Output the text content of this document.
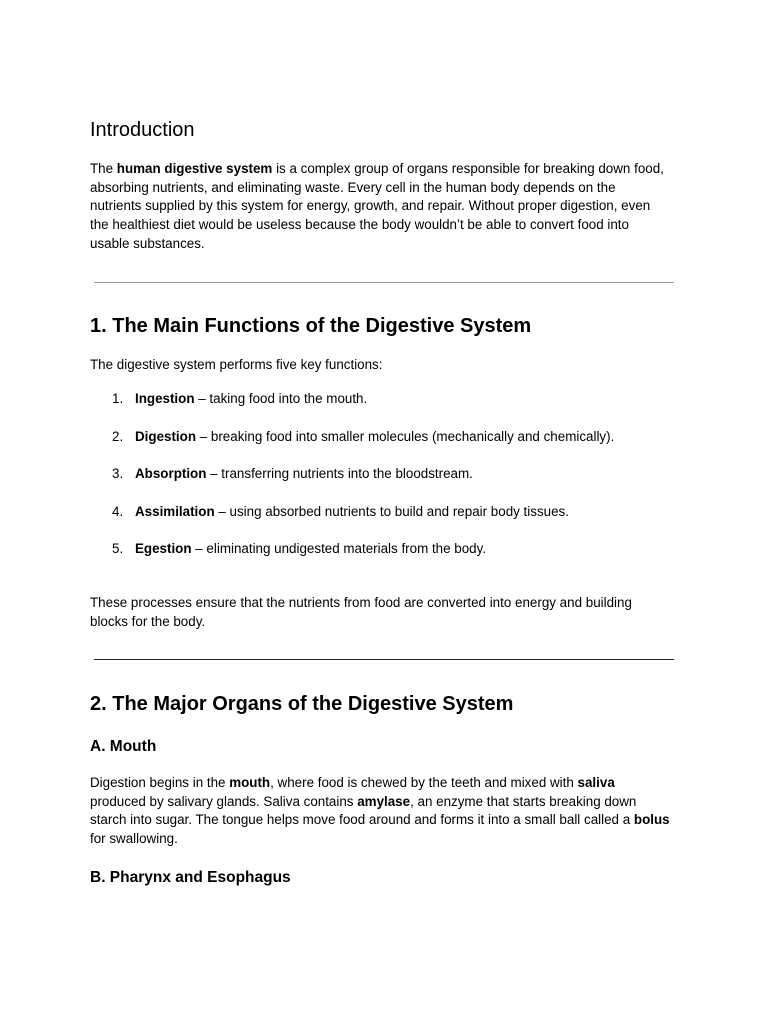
Introduction

The human digestive system is a complex group of organs responsible for breaking down food, absorbing nutrients, and eliminating waste. Every cell in the human body depends on the nutrients supplied by this system for energy, growth, and repair. Without proper digestion, even the healthiest diet would be useless because the body wouldn’t be able to convert food into usable substances.

1. The Main Functions of the Digestive System

The digestive system performs five key functions:

1. Ingestion – taking food into the mouth.
2. Digestion – breaking food into smaller molecules (mechanically and chemically).
3. Absorption – transferring nutrients into the bloodstream.
4. Assimilation – using absorbed nutrients to build and repair body tissues.
5. Egestion – eliminating undigested materials from the body.

These processes ensure that the nutrients from food are converted into energy and building blocks for the body.

2. The Major Organs of the Digestive System
A. Mouth

Digestion begins in the mouth, where food is chewed by the teeth and mixed with saliva produced by salivary glands. Saliva contains amylase, an enzyme that starts breaking down starch into sugar. The tongue helps move food around and forms it into a small ball called a bolus for swallowing.

B. Pharynx and Esophagus
